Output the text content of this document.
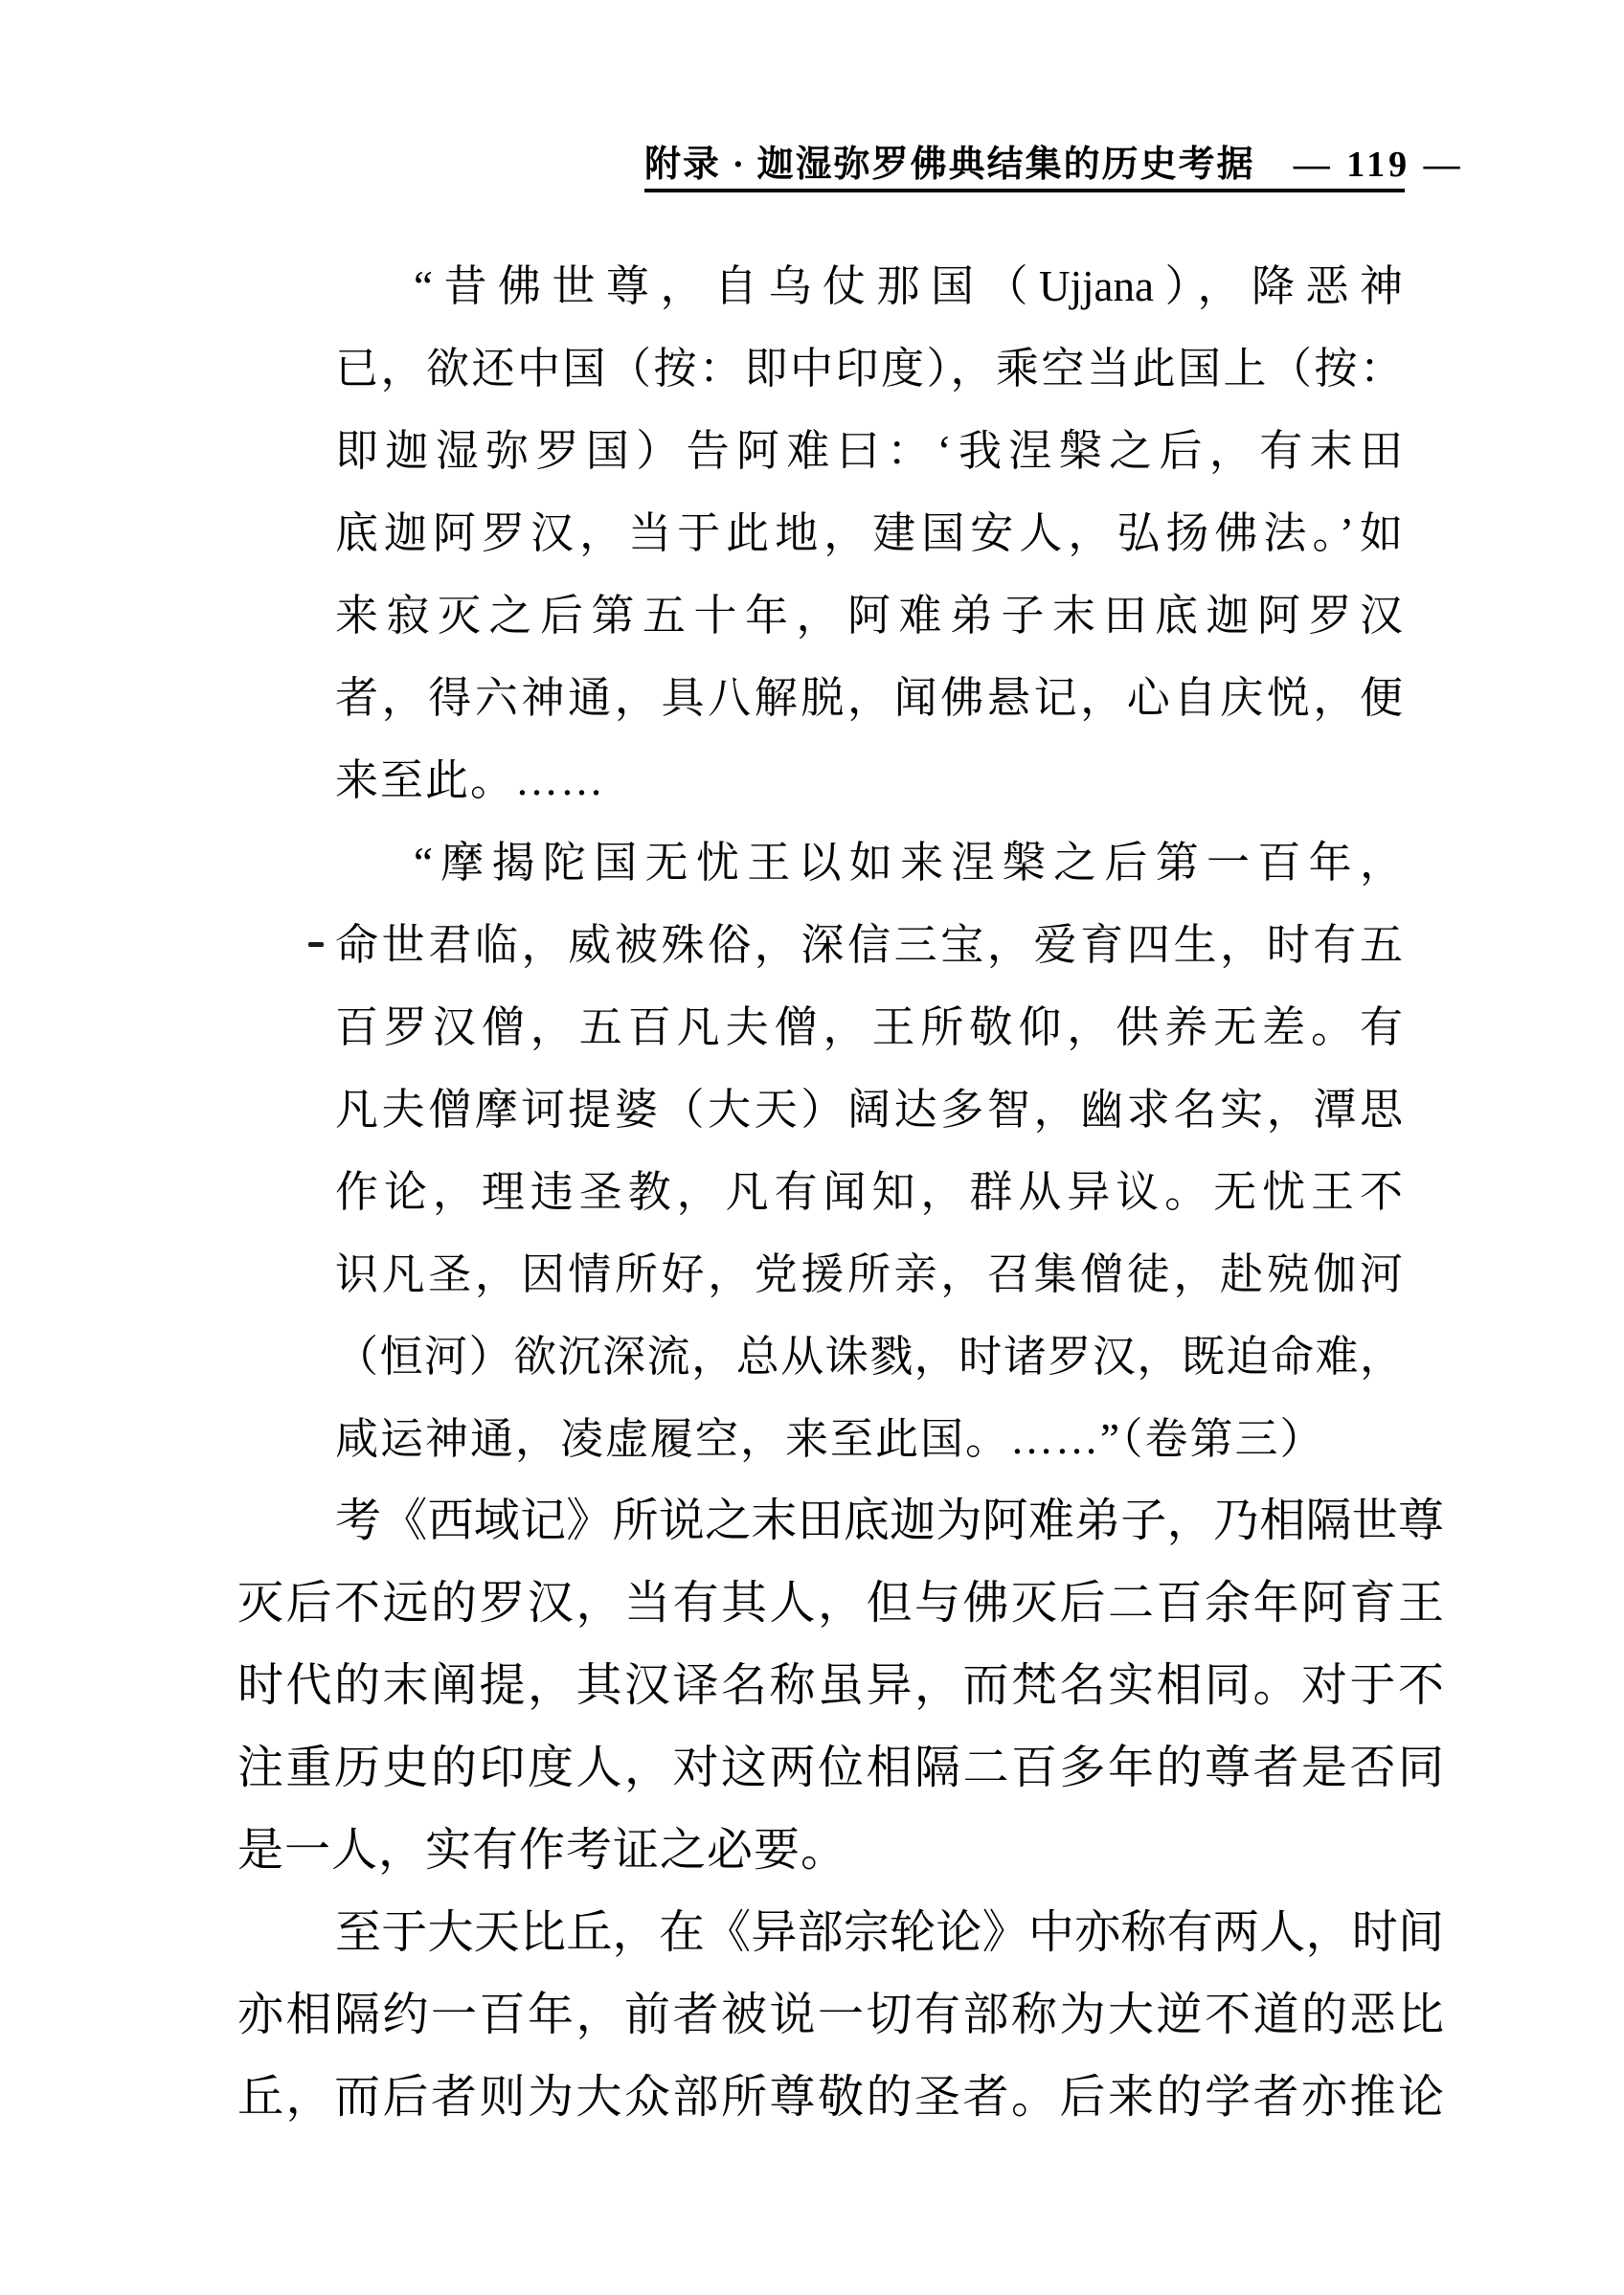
附录 · 迦湿弥罗佛典结集的历史考据 — 119 —
“昔佛世尊，自乌仗那国（Ujjana），降恶神
已，欲还中国（按：即中印度），乘空当此国上（按：
即迦湿弥罗国）告阿难曰：‘我涅槃之后，有末田
底迦阿罗汉，当于此地，建国安人，弘扬佛法。’如
来寂灭之后第五十年，阿难弟子末田底迦阿罗汉
者，得六神通，具八解脱，闻佛悬记，心自庆悦，便
来至此。……
“摩揭陀国无忧王以如来涅槃之后第一百年，
命世君临，威被殊俗，深信三宝，爱育四生，时有五
百罗汉僧，五百凡夫僧，王所敬仰，供养无差。有
凡夫僧摩诃提婆（大天）阔达多智，幽求名实，潭思
作论，理违圣教，凡有闻知，群从异议。无忧王不
识凡圣，因情所好，党援所亲，召集僧徒，赴殑伽河
（恒河）欲沉深流，总从诛戮，时诸罗汉，既迫命难，
咸运神通，凌虚履空，来至此国。……”（卷第三）
考《西域记》所说之末田底迦为阿难弟子，乃相隔世尊
灭后不远的罗汉，当有其人，但与佛灭后二百余年阿育王
时代的末阐提，其汉译名称虽异，而梵名实相同。对于不
注重历史的印度人，对这两位相隔二百多年的尊者是否同
是一人，实有作考证之必要。
至于大天比丘，在《异部宗轮论》中亦称有两人，时间
亦相隔约一百年，前者被说一切有部称为大逆不道的恶比
丘，而后者则为大众部所尊敬的圣者。后来的学者亦推论
